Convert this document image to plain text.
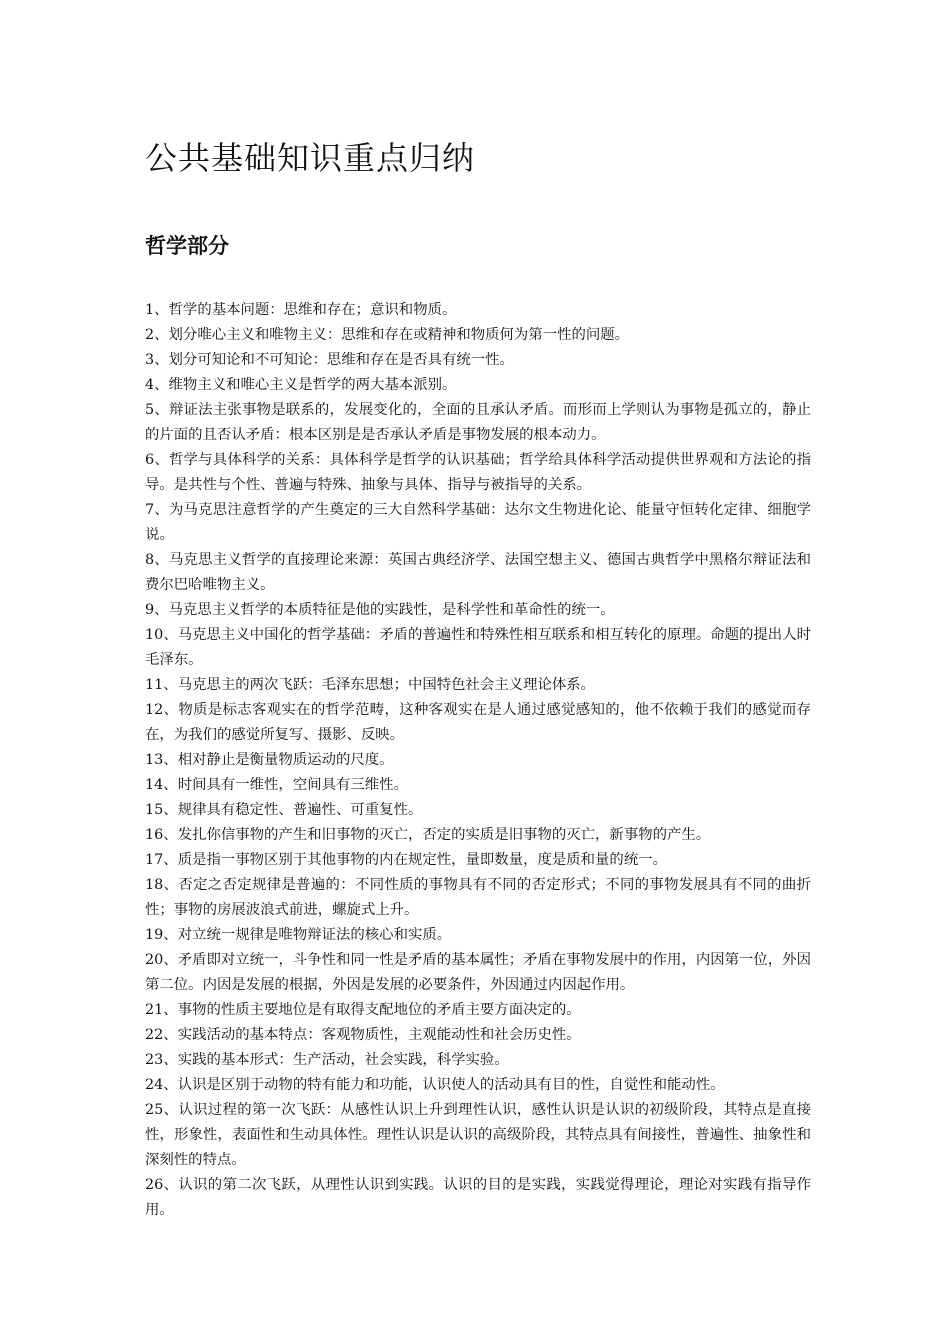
公共基础知识重点归纳
哲学部分
1、哲学的基本问题：思维和存在；意识和物质。
2、划分唯心主义和唯物主义：思维和存在或精神和物质何为第一性的问题。
3、划分可知论和不可知论：思维和存在是否具有统一性。
4、维物主义和唯心主义是哲学的两大基本派别。
5、辩证法主张事物是联系的，发展变化的，全面的且承认矛盾。而形而上学则认为事物是孤立的，静止的片面的且否认矛盾：根本区别是是否承认矛盾是事物发展的根本动力。
6、哲学与具体科学的关系：具体科学是哲学的认识基础；哲学给具体科学活动提供世界观和方法论的指导。是共性与个性、普遍与特殊、抽象与具体、指导与被指导的关系。
7、为马克思注意哲学的产生奠定的三大自然科学基础：达尔文生物进化论、能量守恒转化定律、细胞学说。
8、马克思主义哲学的直接理论来源：英国古典经济学、法国空想主义、德国古典哲学中黑格尔辩证法和费尔巴哈唯物主义。
9、马克思主义哲学的本质特征是他的实践性，是科学性和革命性的统一。
10、马克思主义中国化的哲学基础：矛盾的普遍性和特殊性相互联系和相互转化的原理。命题的提出人时毛泽东。
11、马克思主的两次飞跃：毛泽东思想；中国特色社会主义理论体系。
12、物质是标志客观实在的哲学范畴，这种客观实在是人通过感觉感知的，他不依赖于我们的感觉而存在，为我们的感觉所复写、摄影、反映。
13、相对静止是衡量物质运动的尺度。
14、时间具有一维性，空间具有三维性。
15、规律具有稳定性、普遍性、可重复性。
16、发扎你信事物的产生和旧事物的灭亡，否定的实质是旧事物的灭亡，新事物的产生。
17、质是指一事物区别于其他事物的内在规定性，量即数量，度是质和量的统一。
18、否定之否定规律是普遍的：不同性质的事物具有不同的否定形式；不同的事物发展具有不同的曲折性；事物的房展波浪式前进，螺旋式上升。
19、对立统一规律是唯物辩证法的核心和实质。
20、矛盾即对立统一，斗争性和同一性是矛盾的基本属性；矛盾在事物发展中的作用，内因第一位，外因第二位。内因是发展的根据，外因是发展的必要条件，外因通过内因起作用。
21、事物的性质主要地位是有取得支配地位的矛盾主要方面决定的。
22、实践活动的基本特点：客观物质性，主观能动性和社会历史性。
23、实践的基本形式：生产活动，社会实践，科学实验。
24、认识是区别于动物的特有能力和功能，认识使人的活动具有目的性，自觉性和能动性。
25、认识过程的第一次飞跃：从感性认识上升到理性认识，感性认识是认识的初级阶段，其特点是直接性，形象性，表面性和生动具体性。理性认识是认识的高级阶段，其特点具有间接性，普遍性、抽象性和深刻性的特点。
26、认识的第二次飞跃，从理性认识到实践。认识的目的是实践，实践觉得理论，理论对实践有指导作用。
